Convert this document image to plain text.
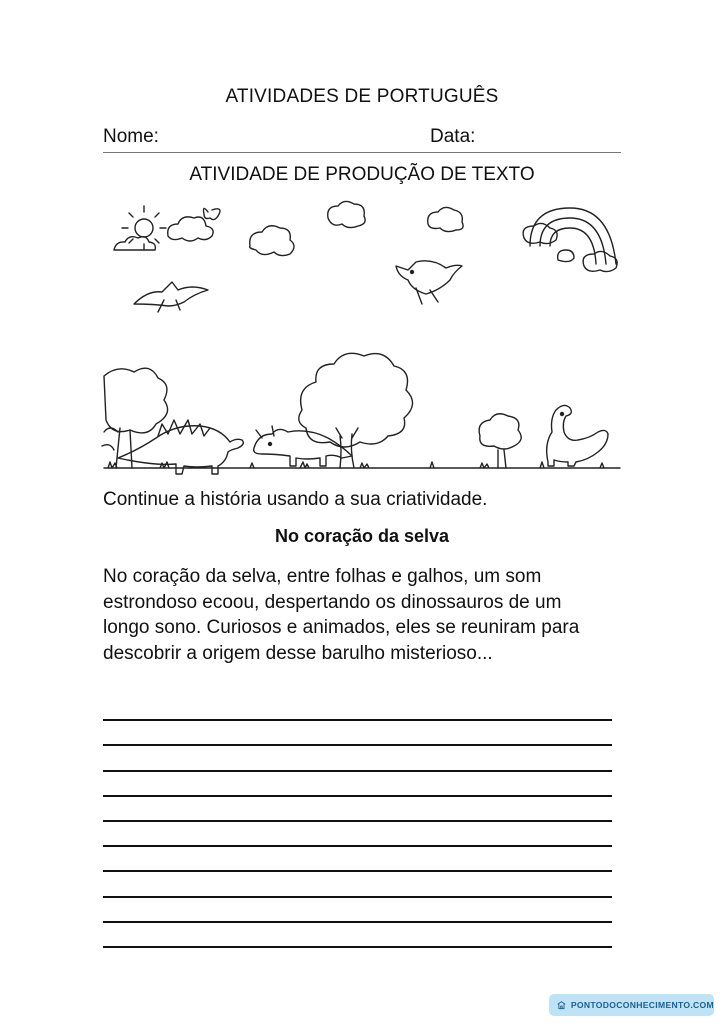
ATIVIDADES DE PORTUGUÊS
Nome:	Data:
ATIVIDADE DE PRODUÇÃO DE TEXTO
Continue a história usando a sua criatividade.
No coração da selva
No coração da selva, entre folhas e galhos, um som
estrondoso ecoou, despertando os dinossauros de um
longo sono. Curiosos e animados, eles se reuniram para
descobrir a origem desse barulho misterioso...
PONTODOCONHECIMENTO.COM
